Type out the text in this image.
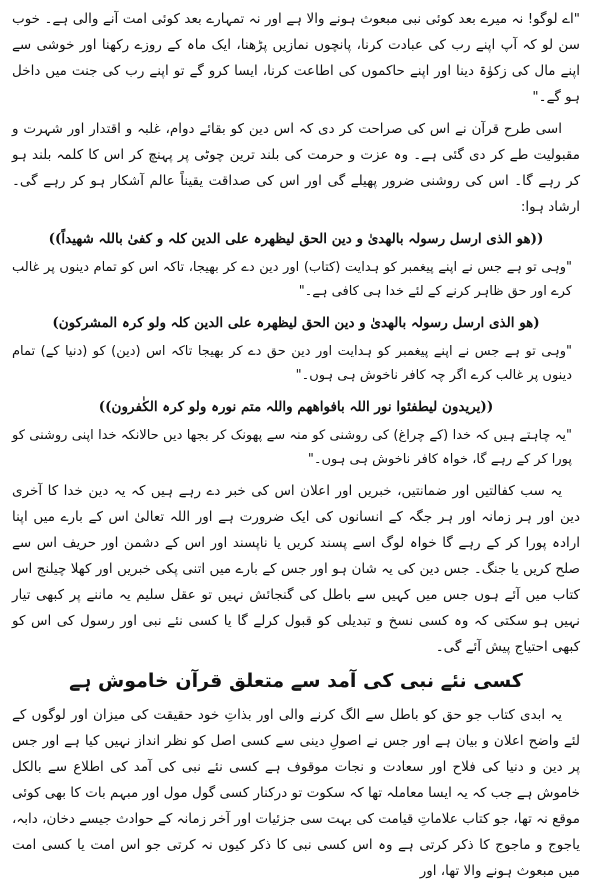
"اے لوگو! نہ میرے بعد کوئی نبی مبعوث ہونے والا ہے اور نہ تمہارے بعد کوئی امت آنے والی ہے۔ خوب سن لو کہ آپ اپنے رب کی عبادت کرنا، پانچوں نمازیں پڑھنا، ایک ماہ کے روزے رکھنا اور خوشی سے اپنے مال کی زکوٰۃ دینا اور اپنے حاکموں کی اطاعت کرنا، ایسا کرو گے تو اپنے رب کی جنت میں داخل ہو گے۔"

اسی طرح قرآن نے اس کی صراحت کر دی کہ اس دین کو بقائے دوام، غلبہ و اقتدار اور شہرت و مقبولیت طے کر دی گئی ہے۔ وہ عزت و حرمت کی بلند ترین چوٹی پر پہنچ کر اس کا کلمہ بلند ہو کر رہے گا۔ اس کی روشنی ضرور پھیلے گی اور اس کی صداقت یقیناً عالم آشکار ہو کر رہے گی۔ ارشاد ہوا:

((ھو الذی ارسل رسولہ بالھدیٰ و دین الحق لیظھرہ علی الدین کلہ و کفیٰ باللہ شھیداً))

"وہی تو ہے جس نے اپنے پیغمبر کو ہدایت (کتاب) اور دین دے کر بھیجا، تاکہ اس کو تمام دینوں پر غالب کرے اور حق ظاہر کرنے کے لئے خدا ہی کافی ہے۔"

(ھو الذی ارسل رسولہ بالھدیٰ و دین الحق لیظھرہ علی الدین کلہ ولو کرہ المشرکون)

"وہی تو ہے جس نے اپنے پیغمبر کو ہدایت اور دین حق دے کر بھیجا تاکہ اس (دین) کو (دنیا کے) تمام دینوں پر غالب کرے اگر چہ کافر ناخوش ہی ہوں۔"

((یریدون لیطفئوا نور اللہ بافواھھم واللہ متم نورہ ولو کرہ الکٰفرون))

"یہ چاہتے ہیں کہ خدا (کے چراغ) کی روشنی کو منہ سے پھونک کر بجھا دیں حالانکہ خدا اپنی روشنی کو پورا کر کے رہے گا، خواہ کافر ناخوش ہی ہوں۔"

یہ سب کفالتیں اور ضمانتیں، خبریں اور اعلان اس کی خبر دے رہے ہیں کہ یہ دین خدا کا آخری دین اور ہر زمانہ اور ہر جگہ کے انسانوں کی ایک ضرورت ہے اور اللہ تعالیٰ اس کے بارے میں اپنا ارادہ پورا کر کے رہے گا خواہ لوگ اسے پسند کریں یا ناپسند اور اس کے دشمن اور حریف اس سے صلح کریں یا جنگ۔ جس دین کی یہ شان ہو اور جس کے بارے میں اتنی پکی خبریں اور کھلا چیلنج اس کتاب میں آئے ہوں جس میں کہیں سے باطل کی گنجائش نہیں تو عقل سلیم یہ ماننے پر کبھی تیار نہیں ہو سکتی کہ وہ کسی نسخ و تبدیلی کو قبول کرلے گا یا کسی نئے نبی اور رسول کی اس کو کبھی احتیاج پیش آئے گی۔

کسی نئے نبی کی آمد سے متعلق قرآن خاموش ہے

یہ ابدی کتاب جو حق کو باطل سے الگ کرنے والی اور بذاتِ خود حقیقت کی میزان اور لوگوں کے لئے واضح اعلان و بیان ہے اور جس نے اصولِ دینی سے کسی اصل کو نظر انداز نہیں کیا ہے اور جس پر دین و دنیا کی فلاح اور سعادت و نجات موقوف ہے کسی نئے نبی کی آمد کی اطلاع سے بالکل خاموش ہے جب کہ یہ ایسا معاملہ تھا کہ سکوت تو درکنار کسی گول مول اور مبہم بات کا بھی کوئی موقع نہ تھا، جو کتاب علاماتِ قیامت کی بہت سی جزئیات اور آخر زمانہ کے حوادث جیسے دخان، دابہ، یاجوج و ماجوج کا ذکر کرتی ہے وہ اس کسی نبی کا ذکر کیوں نہ کرتی جو اس امت یا کسی امت میں مبعوث ہونے والا تھا، اور
